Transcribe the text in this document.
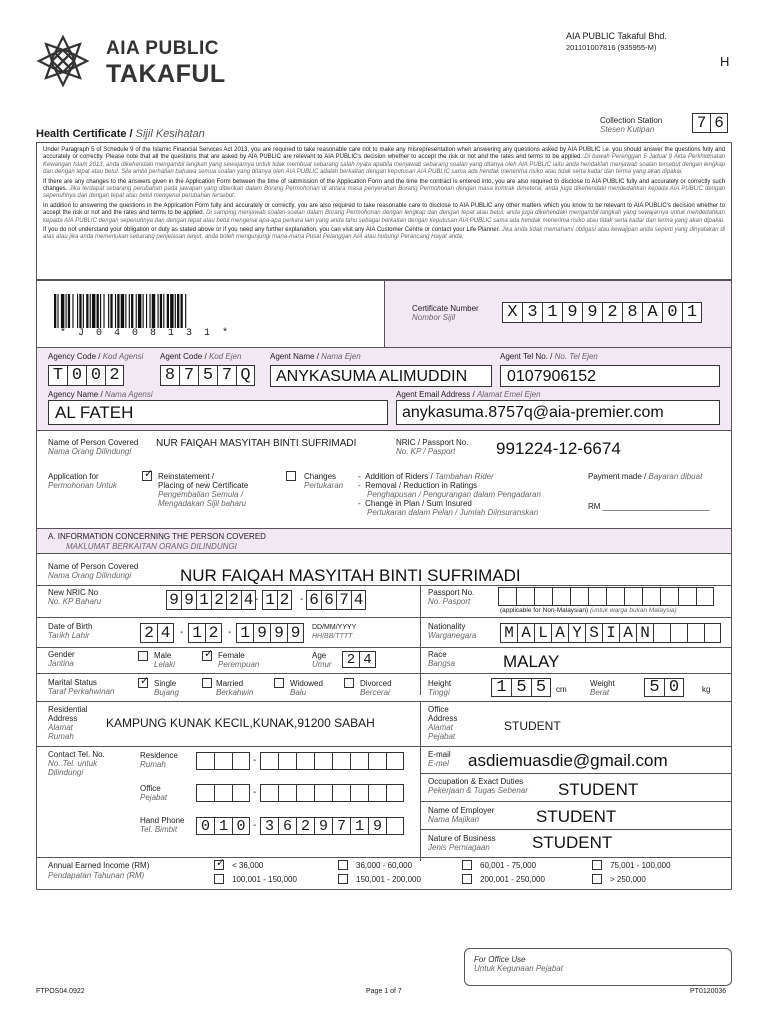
AIA PUBLIC
TAKAFUL
AIA PUBLIC Takaful Bhd.
201101007816 (935955-M)
H
Collection Station
Stesen Kutipan	7 6
Health Certificate / Sijil Kesihatan

Under Paragraph 5 of Schedule 9 of the Islamic Financial Services Act 2013, you are required to take reasonable care not to make any misrepresentation when answering any questions asked by AIA PUBLIC i.e. you should answer the questions fully and accurately or correctly. Please note that all the questions that are asked by AIA PUBLIC are relevant to AIA PUBLIC's decision whether to accept the risk or not and the rates and terms to be applied. Di bawah Perenggan 5 Jadual 9 Akta Perkhidmatan Kewangan Islam 2013, anda dikehendaki mengambil langkah yang sewajarnya untuk tidak membuat sebarang salah nyata apabila menjawab sebarang soalan yang ditanya oleh AIA PUBLIC iaitu anda hendaklah menjawab soalan tersebut dengan lengkap dan dengan tepat atau betul. Sila ambil perhatian bahawa semua soalan yang ditanya oleh AIA PUBLIC adalah berkaitan dengan keputusan AIA PUBLIC sama ada hendak menerima risiko atau tidak serta kadar dan terma yang akan dipakai.

If there are any changes to the answers given in the Application Form between the time of submission of the Application Form and the time the contract is entered into, you are also required to disclose to AIA PUBLIC fully and accurately or correctly such changes. Jika terdapat sebarang perubahan pada jawapan yang diberikan dalam Borang Permohonan di antara masa penyerahan Borang Permohonan dengan masa kontrak dimeterai, anda juga dikehendaki mendedahkan kepada AIA PUBLIC dengan sepenuhnya dan dengan tepat atau betul mengenai perubahan tersebut.

In addition to answering the questions in the Application Form fully and accurately or correctly, you are also required to take reasonable care to disclose to AIA PUBLIC any other matters which you know to be relevant to AIA PUBLIC's decision whether to accept the risk or not and the rates and terms to be applied. Di samping menjawab soalan-soalan dalam Borang Permohonan dengan lengkap dan dengan tepat atau betul, anda juga dikehendaki mengambil langkah yang sewajarnya untuk mendedahkan kepada AIA PUBLIC dengan sepenuhnya dan dengan tepat atau betul mengenai apa-apa perkara lain yang anda tahu sebagai berkaitan dengan keputusan AIA PUBLIC sama ada hendak menerima risiko atau tidak serta kadar dan terma yang akan dipakai.

If you do not understand your obligation or duty as stated above or if you need any further explanation, you can visit any AIA Customer Centre or contact your Life Planner. Jika anda tidak memahami obligasi atau kewajipan anda seperti yang dinyatakan di atas atau jika anda memerlukan sebarang penjelasan lanjut, anda boleh mengunjungi mana-mana Pusat Pelanggan AIA atau hubungi Perancang Hayat anda.

* J 0 4 0 8 1 3 1 *
Certificate Number
Nombor Sijil	X 3 1 9 9 2 8 A 0 1
Agency Code / Kod Agensi
T 0 0 2
Agent Code / Kod Ejen
8 7 5 7 Q
Agent Name / Nama Ejen
ANYKASUMA ALIMUDDIN
Agent Tel No. / No. Tel Ejen
0107906152
Agency Name / Nama Agensi
AL FATEH
Agent Email Address / Alamat Emel Ejen
anykasuma.8757q@aia-premier.com
Name of Person Covered
Nama Orang Dilindungi
NUR FAIQAH MASYITAH BINTI SUFRIMADI	NRIC / Passport No.
No. KP / Pasport 991224-12-6674
Application for
Permohonan Untuk
✓ Reinstatement /
Placing of new Certificate
Pengembalian Semula /
Mengadakan Sijil baharu
Changes
Pertukaran
-  Addition of Riders / Tambahan Rider
-  Removal / Reduction in Ratings
Penghapusan / Pengurangan dalam Pengadaran
-  Change in Plan / Sum Insured
Pertukaran dalam Pelan / Jumlah Diinsuranskan
Payment made / Bayaran dibuat
RM ________________________
A. INFORMATION CONCERNING THE PERSON COVERED
MAKLUMAT BERKAITAN ORANG DILINDUNGI
Name of Person Covered
Nama Orang Dilindungi	NUR FAIQAH MASYITAH BINTI SUFRIMADI
New NRIC No
No. KP Baharu	9 9 1 2 2 4 - 1 2 - 6 6 7 4	Passport No.
No. Pasport
(applicable for Non-Malaysian) (untuk warga bukan Malaysia)
Date of Birth
Tarikh Lahir	2 4 - 1 2 - 1 9 9 9	DD/MM/YYYY
HH/BB/TTTT
Nationality
Warganegara M A L A Y S I A N
Gender
Jantina
Male
Lelaki
✓ Female
Perempuan
Age
Umur	2 4	Race
Bangsa	MALAY
Marital Status
Taraf Perkahwinan
✓ Single
Bujang
Married
Berkahwin
Widowed
Balu
Divorced
Bercerai
Height
Tinggi	1 5 5	cm
Weight
Berat	5 0	kg
Residential
Address
Alamat
Rumah
KAMPUNG KUNAK KECIL,KUNAK,91200 SABAH
Office
Address
Alamat
Pejabat
STUDENT
Contact Tel. No.
No. Tel. untuk
Dilindungi
Residence
Rumah	-
Office
Pejabat	-
Hand Phone
Tel. Bimbit	0 1 0 - 3 6 2 9 7 1 9
E-mail
E-mel asdiemuasdie@gmail.com
Occupation & Exact Duties
Pekerjaan & Tugas Sebenar STUDENT
Name of Employer
Nama Majikan	STUDENT
Nature of Business
Jenis Perniagaan STUDENT
Annual Earned Income (RM)
Pendapatan Tahunan (RM)
✓ < 36,000	36,000 - 60,000	60,001 - 75,000	75,001 - 100,000
100,001 - 150,000	150,001 - 200,000	200,001 - 250,000	> 250,000
For Office Use
Untuk Kegunaan Pejabat
FTPOS04.0922	Page 1 of 7	PT0120036
